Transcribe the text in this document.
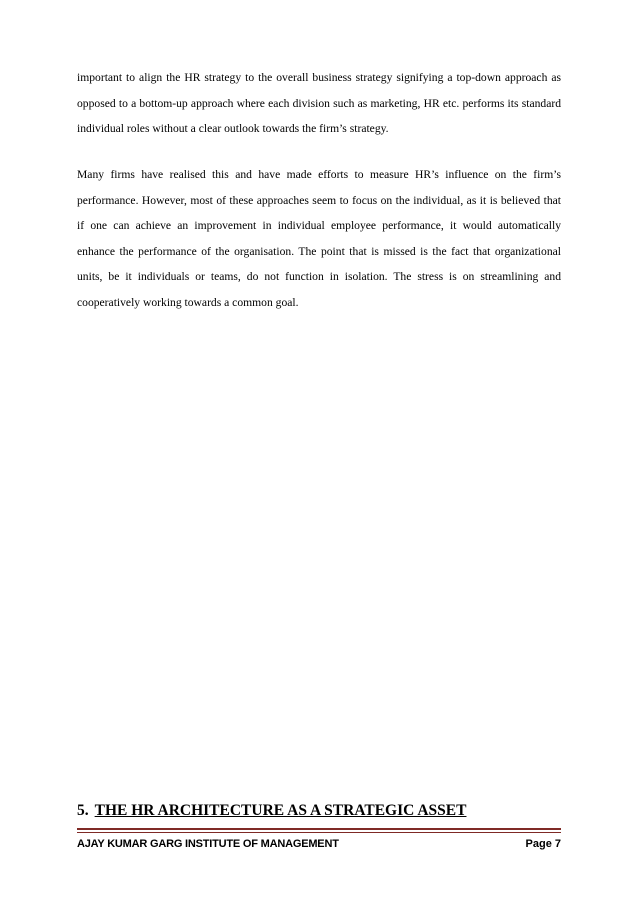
important to align the HR strategy to the overall business strategy signifying a top-down approach as opposed to a bottom-up approach where each division such as marketing, HR etc. performs its standard individual roles without a clear outlook towards the firm’s strategy.

Many firms have realised this and have made efforts to measure HR’s influence on the firm’s performance. However, most of these approaches seem to focus on the individual, as it is believed that if one can achieve an improvement in individual employee performance, it would automatically enhance the performance of the organisation. The point that is missed is the fact that organizational units, be it individuals or teams, do not function in isolation. The stress is on streamlining and cooperatively working towards a common goal.

5. THE HR ARCHITECTURE AS A STRATEGIC ASSET
AJAY KUMAR GARG INSTITUTE OF MANAGEMENT	Page 7
